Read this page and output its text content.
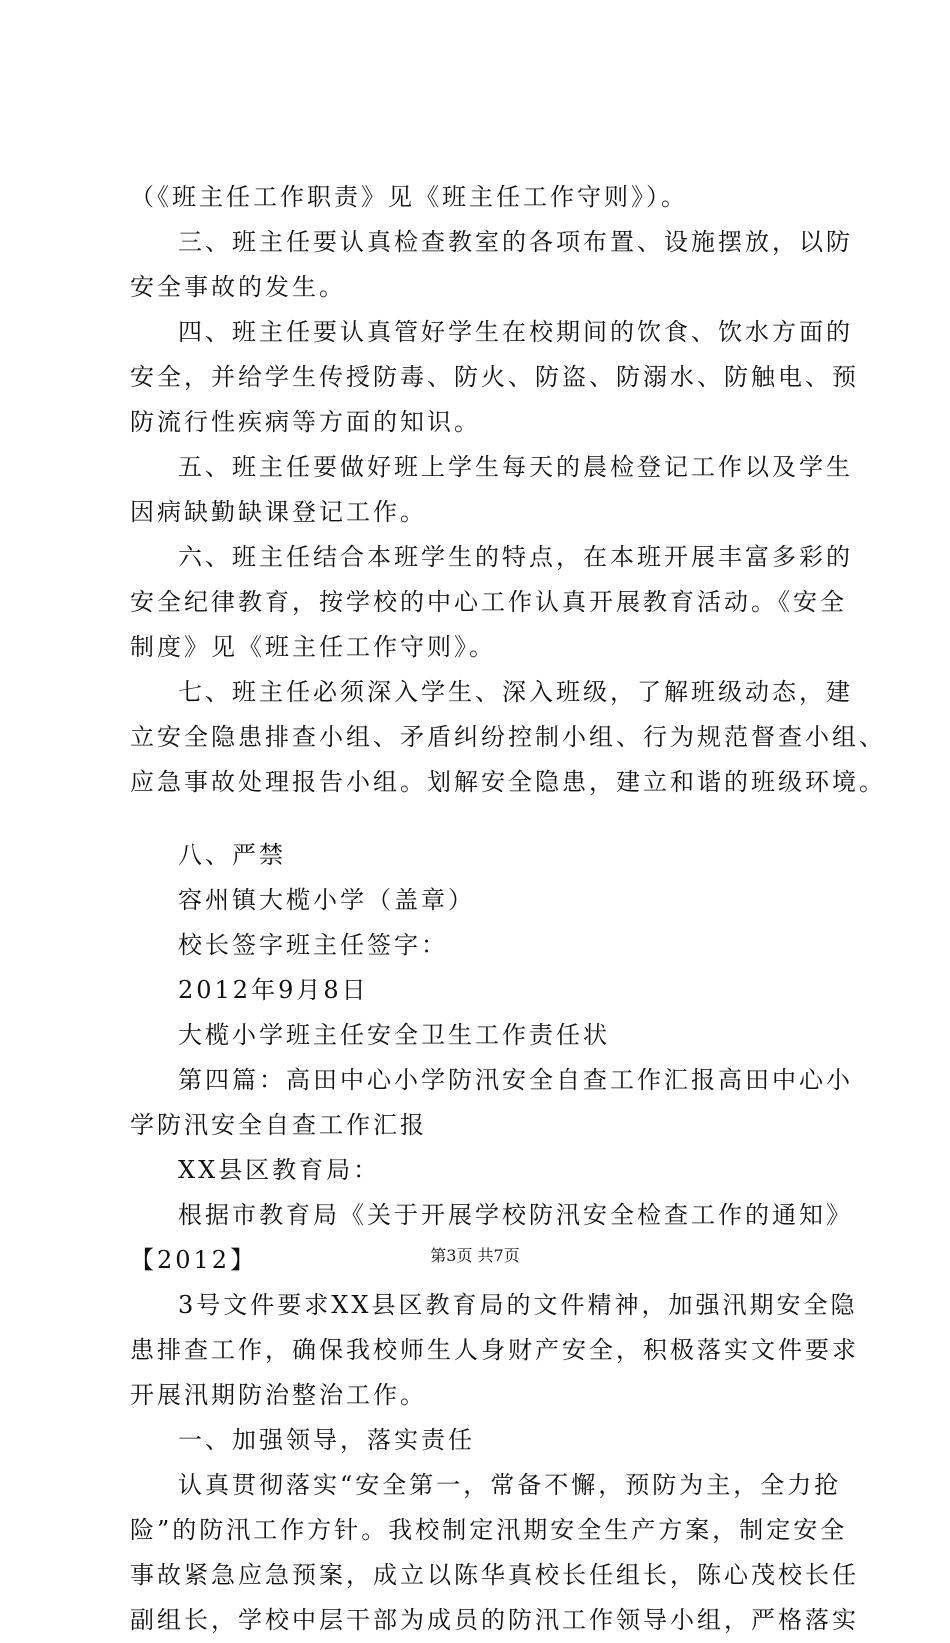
（《班主任工作职责》见《班主任工作守则》）。
三、班主任要认真检查教室的各项布置、设施摆放，以防
安全事故的发生。
四、班主任要认真管好学生在校期间的饮食、饮水方面的
安全，并给学生传授防毒、防火、防盗、防溺水、防触电、预
防流行性疾病等方面的知识。
五、班主任要做好班上学生每天的晨检登记工作以及学生
因病缺勤缺课登记工作。
六、班主任结合本班学生的特点，在本班开展丰富多彩的
安全纪律教育，按学校的中心工作认真开展教育活动。《安全
制度》见《班主任工作守则》。
七、班主任必须深入学生、深入班级，了解班级动态，建
立安全隐患排查小组、矛盾纠纷控制小组、行为规范督查小组、
应急事故处理报告小组。划解安全隐患，建立和谐的班级环境。
八、严禁
容州镇大榄小学（盖章）
校长签字班主任签字：
2012年9月8日
大榄小学班主任安全卫生工作责任状
第四篇：高田中心小学防汛安全自查工作汇报高田中心小
学防汛安全自查工作汇报
XX县区教育局：
根据市教育局《关于开展学校防汛安全检查工作的通知》
【2012】
3号文件要求XX县区教育局的文件精神，加强汛期安全隐
患排查工作，确保我校师生人身财产安全，积极落实文件要求
开展汛期防治整治工作。
一、加强领导，落实责任
认真贯彻落实“安全第一，常备不懈，预防为主，全力抢
险”的防汛工作方针。我校制定汛期安全生产方案，制定安全
事故紧急应急预案，成立以陈华真校长任组长，陈心茂校长任
副组长，学校中层干部为成员的防汛工作领导小组，严格落实
第3页 共7页
